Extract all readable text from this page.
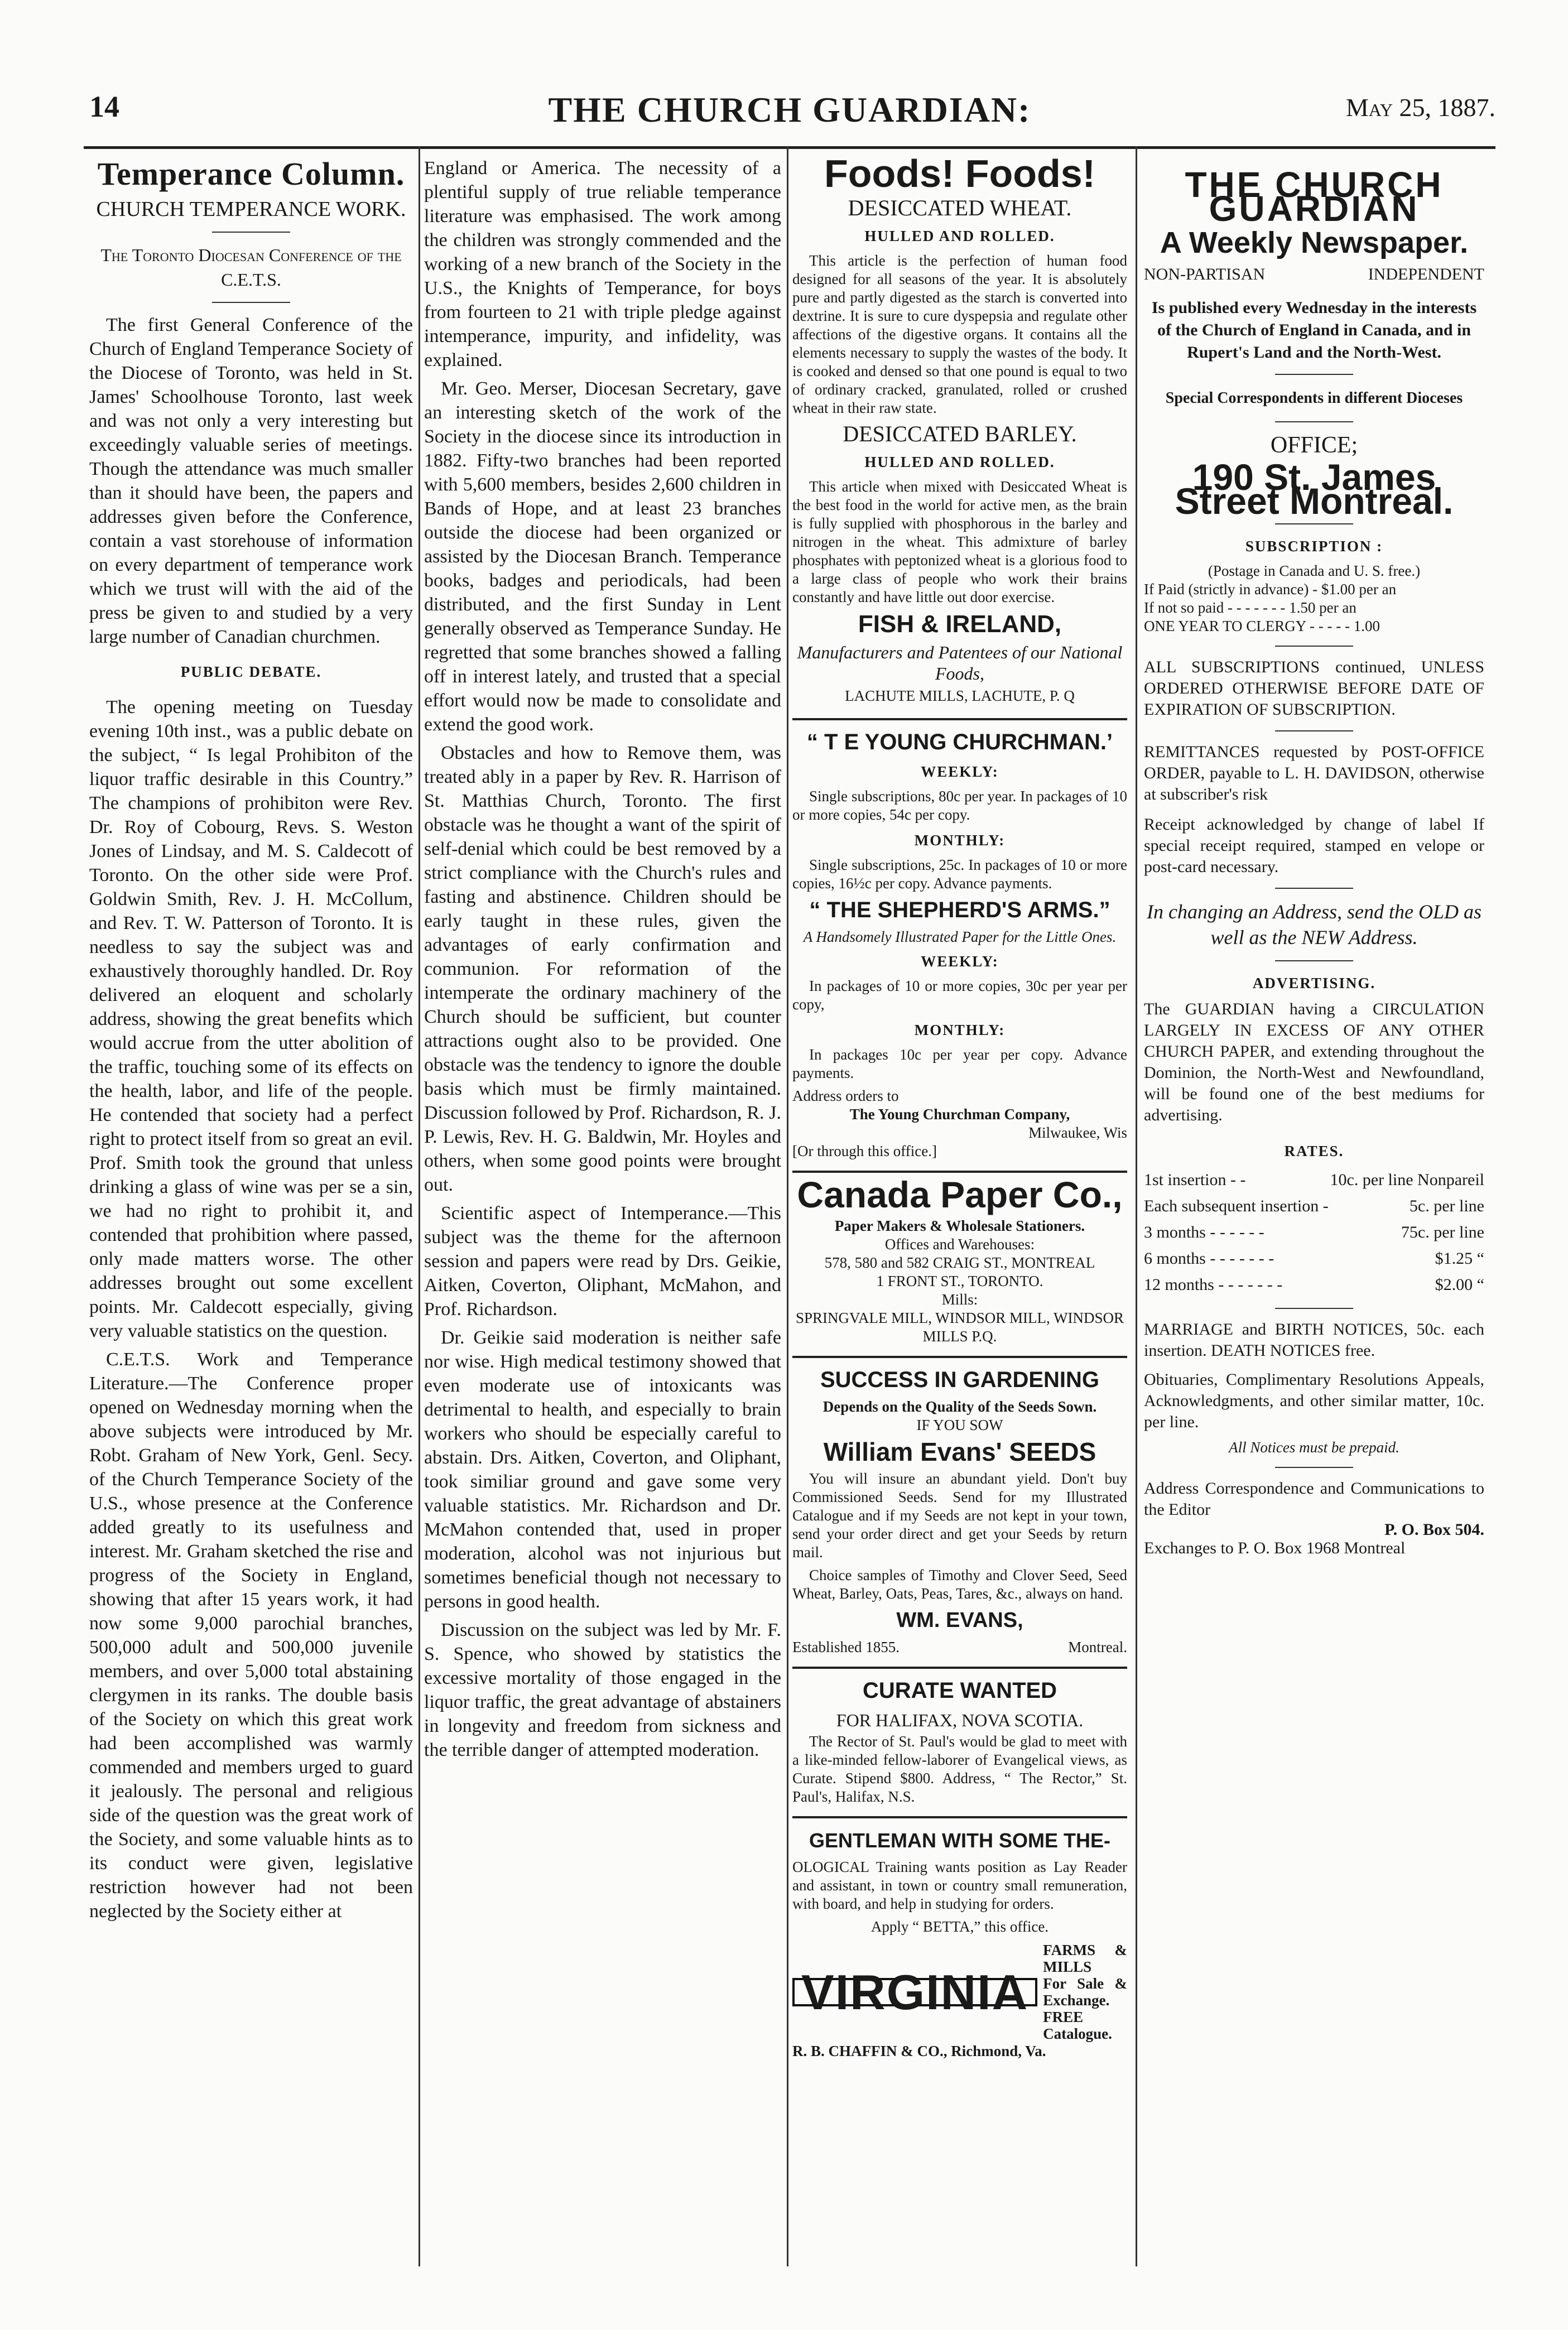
14	THE CHURCH GUARDIAN:	May 25, 1887.
Temperance Column.
CHURCH TEMPERANCE WORK.
The Toronto Diocesan Conference of the C.E.T.S.

The first General Conference of the Church of England Temperance Society of the Diocese of Toronto, was held in St. James' Schoolhouse Toronto, last week and was not only a very interesting but exceedingly valuable series of meetings. Though the attendance was much smaller than it should have been, the papers and addresses given before the Conference, contain a vast storehouse of information on every department of temperance work which we trust will with the aid of the press be given to and studied by a very large number of Canadian churchmen.

PUBLIC DEBATE.

The opening meeting on Tuesday evening 10th inst., was a public debate on the subject, “ Is legal Prohibiton of the liquor traffic desirable in this Country.” The champions of prohibiton were Rev. Dr. Roy of Cobourg, Revs. S. Weston Jones of Lindsay, and M. S. Caldecott of Toronto. On the other side were Prof. Goldwin Smith, Rev. J. H. McCollum, and Rev. T. W. Patterson of Toronto. It is needless to say the subject was and exhaustively thoroughly handled. Dr. Roy delivered an eloquent and scholarly address, showing the great benefits which would accrue from the utter abolition of the traffic, touching some of its effects on the health, labor, and life of the people. He contended that society had a perfect right to protect itself from so great an evil. Prof. Smith took the ground that unless drinking a glass of wine was per se a sin, we had no right to prohibit it, and contended that prohibition where passed, only made matters worse. The other addresses brought out some excellent points. Mr. Caldecott especially, giving very valuable statistics on the question.

C.E.T.S. Work and Temperance Literature.—The Conference proper opened on Wednesday morning when the above subjects were introduced by Mr. Robt. Graham of New York, Genl. Secy. of the Church Temperance Society of the U.S., whose presence at the Conference added greatly to its usefulness and interest. Mr. Graham sketched the rise and progress of the Society in England, showing that after 15 years work, it had now some 9,000 parochial branches, 500,000 adult and 500,000 juvenile members, and over 5,000 total abstaining clergymen in its ranks. The double basis of the Society on which this great work had been accomplished was warmly commended and members urged to guard it jealously. The personal and religious side of the question was the great work of the Society, and some valuable hints as to its conduct were given, legislative restriction however had not been neglected by the Society either at

England or America. The necessity of a plentiful supply of true reliable temperance literature was emphasised. The work among the children was strongly commended and the working of a new branch of the Society in the U.S., the Knights of Temperance, for boys from fourteen to 21 with triple pledge against intemperance, impurity, and infidelity, was explained.

Mr. Geo. Merser, Diocesan Secretary, gave an interesting sketch of the work of the Society in the diocese since its introduction in 1882. Fifty-two branches had been reported with 5,600 members, besides 2,600 children in Bands of Hope, and at least 23 branches outside the diocese had been organized or assisted by the Diocesan Branch. Temperance books, badges and periodicals, had been distributed, and the first Sunday in Lent generally observed as Temperance Sunday. He regretted that some branches showed a falling off in interest lately, and trusted that a special effort would now be made to consolidate and extend the good work.

Obstacles and how to Remove them, was treated ably in a paper by Rev. R. Harrison of St. Matthias Church, Toronto. The first obstacle was he thought a want of the spirit of self-denial which could be best removed by a strict compliance with the Church's rules and fasting and abstinence. Children should be early taught in these rules, given the advantages of early confirmation and communion. For reformation of the intemperate the ordinary machinery of the Church should be sufficient, but counter attractions ought also to be provided. One obstacle was the tendency to ignore the double basis which must be firmly maintained. Discussion followed by Prof. Richardson, R. J. P. Lewis, Rev. H. G. Baldwin, Mr. Hoyles and others, when some good points were brought out.

Scientific aspect of Intemperance.—This subject was the theme for the afternoon session and papers were read by Drs. Geikie, Aitken, Coverton, Oliphant, McMahon, and Prof. Richardson.

Dr. Geikie said moderation is neither safe nor wise. High medical testimony showed that even moderate use of intoxicants was detrimental to health, and especially to brain workers who should be especially careful to abstain. Drs. Aitken, Coverton, and Oliphant, took similiar ground and gave some very valuable statistics. Mr. Richardson and Dr. McMahon contended that, used in proper moderation, alcohol was not injurious but sometimes beneficial though not necessary to persons in good health.

Discussion on the subject was led by Mr. F. S. Spence, who showed by statistics the excessive mortality of those engaged in the liquor traffic, the great advantage of abstainers in longevity and freedom from sickness and the terrible danger of attempted moderation.

Foods! Foods!
DESICCATED WHEAT.
HULLED AND ROLLED.

This article is the perfection of human food designed for all seasons of the year. It is absolutely pure and partly digested as the starch is converted into dextrine. It is sure to cure dyspepsia and regulate other affections of the digestive organs. It contains all the elements necessary to supply the wastes of the body. It is cooked and densed so that one pound is equal to two of ordinary cracked, granulated, rolled or crushed wheat in their raw state.

DESICCATED BARLEY.
HULLED AND ROLLED.

This article when mixed with Desiccated Wheat is the best food in the world for active men, as the brain is fully supplied with phosphorous in the barley and nitrogen in the wheat. This admixture of barley phosphates with peptonized wheat is a glorious food to a large class of people who work their brains constantly and have little out door exercise.

FISH & IRELAND,
Manufacturers and Patentees of our National Foods,
LACHUTE MILLS, LACHUTE, P. Q
“ T E YOUNG CHURCHMAN.’
WEEKLY:

Single subscriptions, 80c per year. In packages of 10 or more copies, 54c per copy.

MONTHLY:

Single subscriptions, 25c. In packages of 10 or more copies, 16½c per copy. Advance payments.

“ THE SHEPHERD'S ARMS.”
A Handsomely Illustrated Paper for the Little Ones.
WEEKLY:

In packages of 10 or more copies, 30c per year per copy,

MONTHLY:

In packages 10c per year per copy. Advance payments.

Address orders to
The Young Churchman Company,
Milwaukee, Wis
[Or through this office.]
Canada Paper Co.,
Paper Makers & Wholesale Stationers.
Offices and Warehouses:
578, 580 and 582 CRAIG ST., MONTREAL
1 FRONT ST., TORONTO.
Mills:
SPRINGVALE MILL, WINDSOR MILL, WINDSOR MILLS P.Q.
SUCCESS IN GARDENING
Depends on the Quality of the Seeds Sown.
IF YOU SOW
William Evans' SEEDS

You will insure an abundant yield. Don't buy Commissioned Seeds. Send for my Illustrated Catalogue and if my Seeds are not kept in your town, send your order direct and get your Seeds by return mail.

Choice samples of Timothy and Clover Seed, Seed Wheat, Barley, Oats, Peas, Tares, &c., always on hand.

WM. EVANS,
Established 1855.	Montreal.
CURATE WANTED
FOR HALIFAX, NOVA SCOTIA.

The Rector of St. Paul's would be glad to meet with a like-minded fellow-laborer of Evangelical views, as Curate. Stipend $800. Address, “ The Rector,” St. Paul's, Halifax, N.S.

GENTLEMAN WITH SOME THE-

OLOGICAL Training wants position as Lay Reader and assistant, in town or country small remuneration, with board, and help in studying for orders.

Apply “ BETTA,” this office.
VIRGINIA
FARMS & MILLS
For Sale & Exchange.
FREE Catalogue.
R. B. CHAFFIN & CO., Richmond, Va.
THE CHURCH GUARDIAN
A Weekly Newspaper.
NON-PARTISAN	INDEPENDENT
Is published every Wednesday in the interests of the Church of England in Canada, and in Rupert's Land and the North-West.
Special Correspondents in different Dioceses
OFFICE;
190 St. James Street Montreal.
SUBSCRIPTION :
(Postage in Canada and U. S. free.)
If Paid (strictly in advance) - $1.00 per an
If not so paid - - - - - - - 1.50 per an
ONE YEAR TO CLERGY - - - - - 1.00
ALL SUBSCRIPTIONS continued, UNLESS ORDERED OTHERWISE BEFORE DATE OF EXPIRATION OF SUBSCRIPTION.
REMITTANCES requested by POST-OFFICE ORDER, payable to L. H. DAVIDSON, otherwise at subscriber's risk
Receipt acknowledged by change of label If special receipt required, stamped en velope or post-card necessary.
In changing an Address, send the OLD as well as the NEW Address.
ADVERTISING.
The GUARDIAN having a CIRCULATION LARGELY IN EXCESS OF ANY OTHER CHURCH PAPER, and extending throughout the Dominion, the North-West and Newfoundland, will be found one of the best mediums for advertising.
RATES.
1st insertion - -	10c. per line Nonpareil
Each subsequent insertion -	5c. per line
3 months - - - - - -	75c. per line
6 months - - - - - - -	$1.25 “
12 months - - - - - - -	$2.00 “
MARRIAGE and BIRTH NOTICES, 50c. each insertion. DEATH NOTICES free.
Obituaries, Complimentary Resolutions Appeals, Acknowledgments, and other similar matter, 10c. per line.
All Notices must be prepaid.
Address Correspondence and Communications to the Editor
P. O. Box 504.
Exchanges to P. O. Box 1968 Montreal
